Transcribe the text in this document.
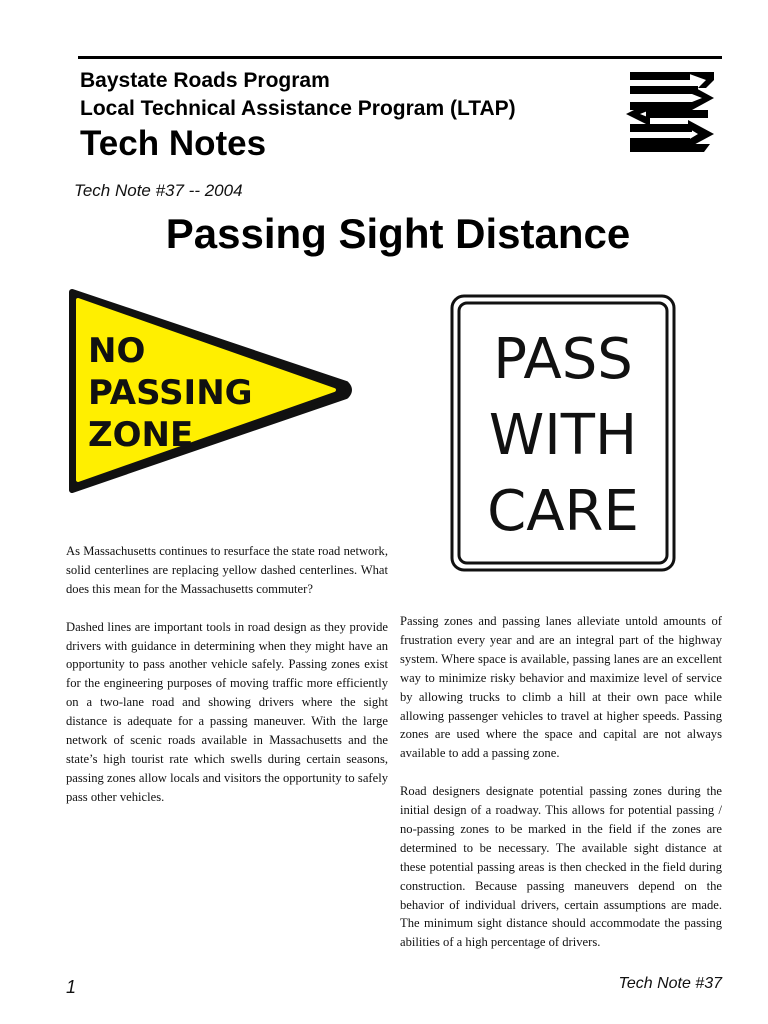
Baystate Roads Program
Local Technical Assistance Program (LTAP)
Tech Notes
Tech Note #37 -- 2004
Passing Sight Distance
NO
PASSING
ZONE
PASS
WITH
CARE

As Massachusetts continues to resurface the state road network, solid centerlines are replacing yellow dashed centerlines. What does this mean for the Massachusetts commuter?

Dashed lines are important tools in road design as they provide drivers with guidance in determining when they might have an opportunity to pass another vehicle safely. Passing zones exist for the engineering purposes of moving traffic more efficiently on a two-lane road and showing drivers where the sight distance is adequate for a passing maneuver. With the large network of scenic roads available in Massachusetts and the state’s high tourist rate which swells during certain seasons, passing zones allow locals and visitors the opportunity to safely pass other vehicles.

Passing zones and passing lanes alleviate untold amounts of frustration every year and are an integral part of the highway system. Where space is available, passing lanes are an excellent way to minimize risky behavior and maximize level of service by allowing trucks to climb a hill at their own pace while allowing passenger vehicles to travel at higher speeds. Passing zones are used where the space and capital are not always available to add a passing zone.

Road designers designate potential passing zones during the initial design of a roadway. This allows for potential passing / no-passing zones to be marked in the field if the zones are determined to be necessary. The available sight distance at these potential passing areas is then checked in the field during construction. Because passing maneuvers depend on the behavior of individual drivers, certain assumptions are made. The minimum sight distance should accommodate the passing abilities of a high percentage of drivers.

1	Tech Note #37
